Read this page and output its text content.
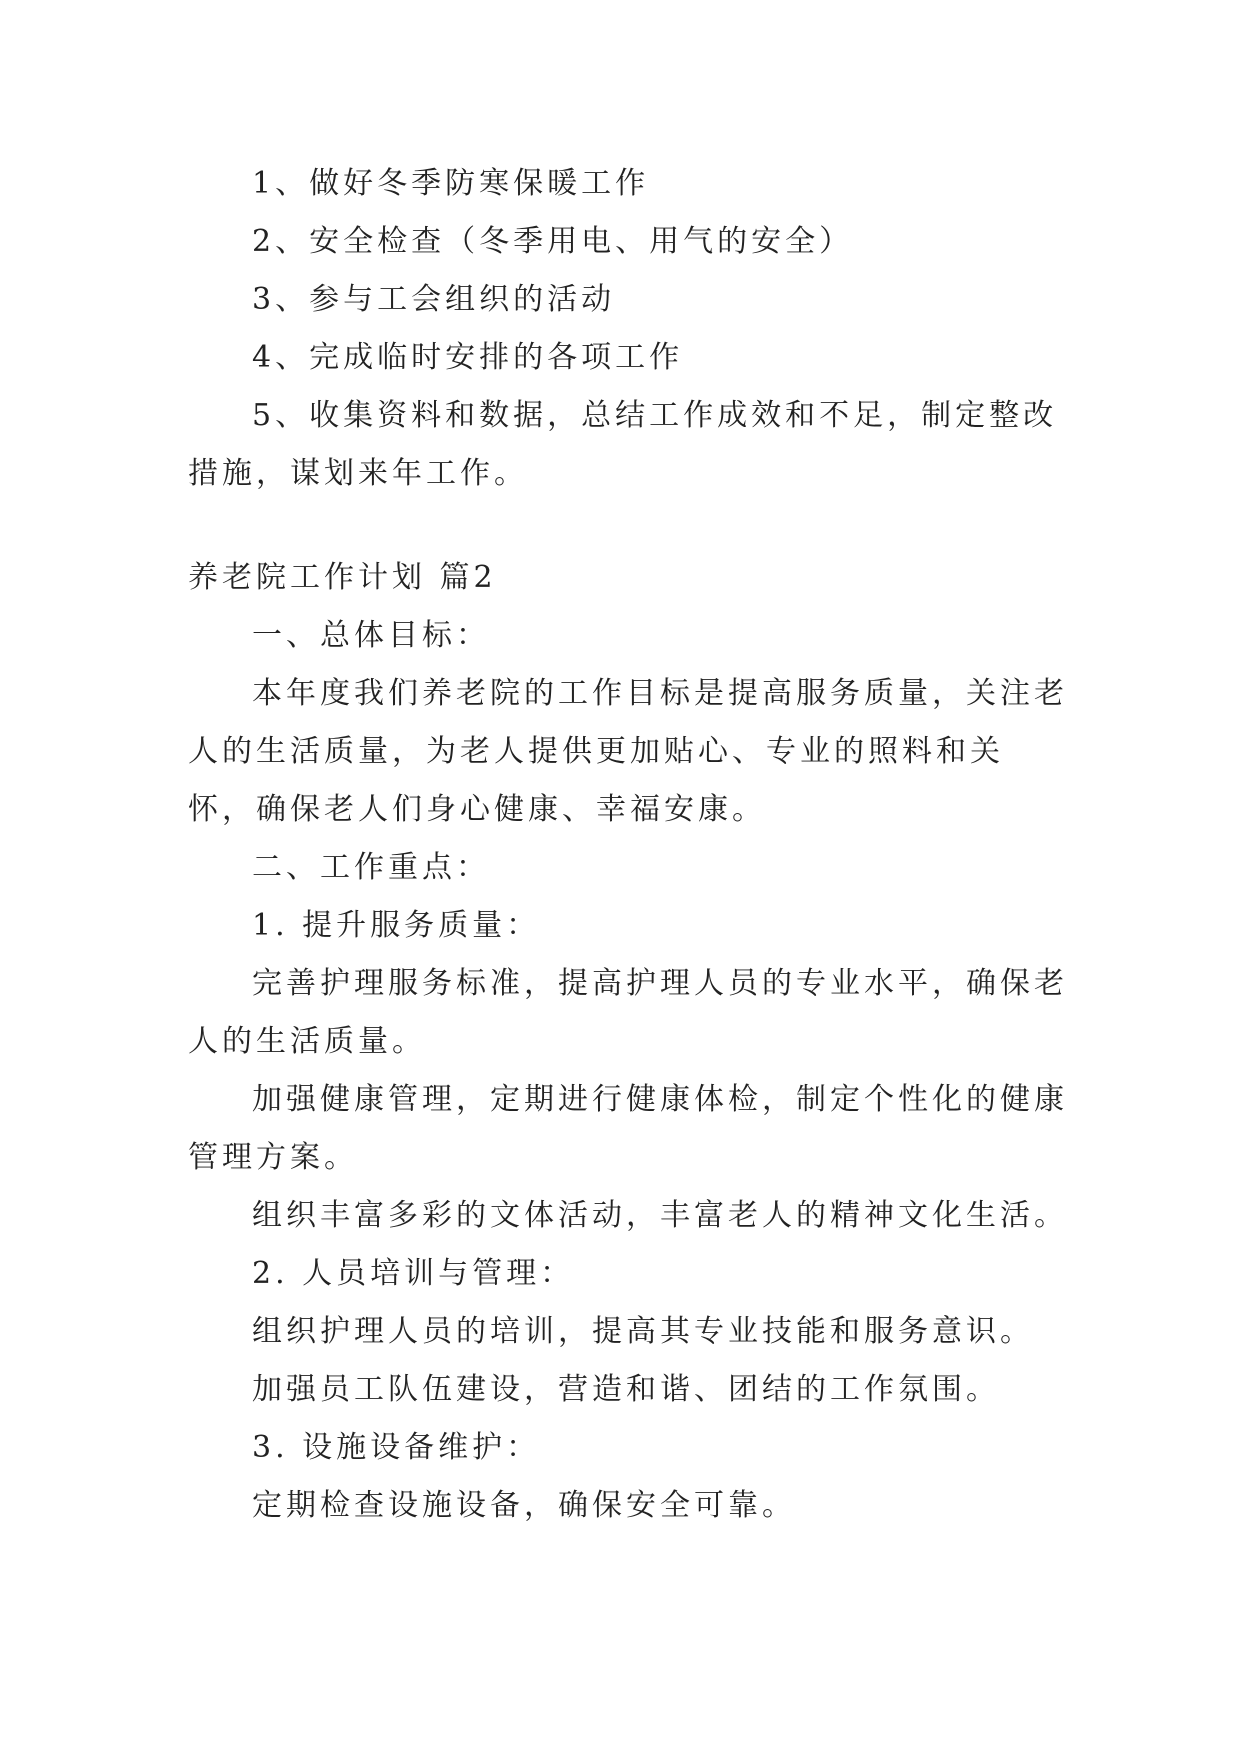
1、做好冬季防寒保暖工作

2、安全检查（冬季用电、用气的安全）

3、参与工会组织的活动

4、完成临时安排的各项工作

5、收集资料和数据，总结工作成效和不足，制定整改措施，谋划来年工作。

养老院工作计划 篇2

一、总体目标：

本年度我们养老院的工作目标是提高服务质量，关注老人的生活质量，为老人提供更加贴心、专业的照料和关怀，确保老人们身心健康、幸福安康。

二、工作重点：

1. 提升服务质量：

完善护理服务标准，提高护理人员的专业水平，确保老人的生活质量。

加强健康管理，定期进行健康体检，制定个性化的健康管理方案。

组织丰富多彩的文体活动，丰富老人的精神文化生活。

2. 人员培训与管理：

组织护理人员的培训，提高其专业技能和服务意识。

加强员工队伍建设，营造和谐、团结的工作氛围。

3. 设施设备维护：

定期检查设施设备，确保安全可靠。
